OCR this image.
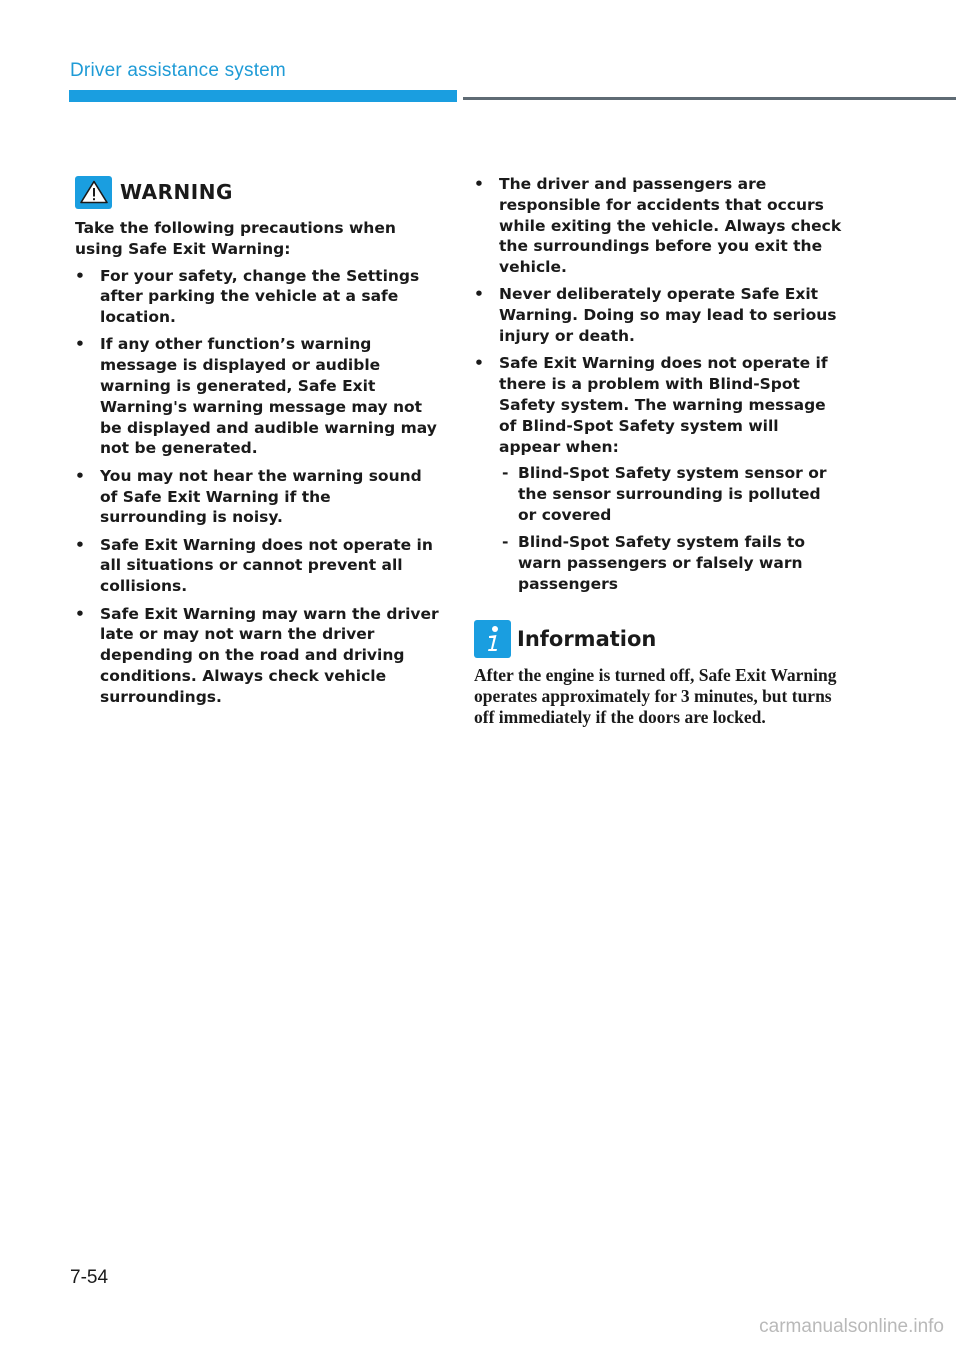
Driver assistance system
WARNING

Take the following precautions when using Safe Exit Warning:

• For your safety, change the Settings after parking the vehicle at a safe location.
• If any other function’s warning message is displayed or audible warning is generated, Safe Exit Warning's warning message may not be displayed and audible warning may not be generated.
• You may not hear the warning sound of Safe Exit Warning if the surrounding is noisy.
• Safe Exit Warning does not operate in all situations or cannot prevent all collisions.
• Safe Exit Warning may warn the driver late or may not warn the driver depending on the road and driving conditions. Always check vehicle surroundings.
• The driver and passengers are responsible for accidents that occurs while exiting the vehicle. Always check the surroundings before you exit the vehicle.
• Never deliberately operate Safe Exit Warning. Doing so may lead to serious injury or death.
• Safe Exit Warning does not operate if there is a problem with Blind-Spot Safety system. The warning message of Blind-Spot Safety system will appear when:
- Blind-Spot Safety system sensor or the sensor surrounding is polluted or covered
- Blind-Spot Safety system fails to warn passengers or falsely warn passengers
Information

After the engine is turned off, Safe Exit Warning operates approximately for 3 minutes, but turns off immediately if the doors are locked.

7-54
carmanualsonline.info
